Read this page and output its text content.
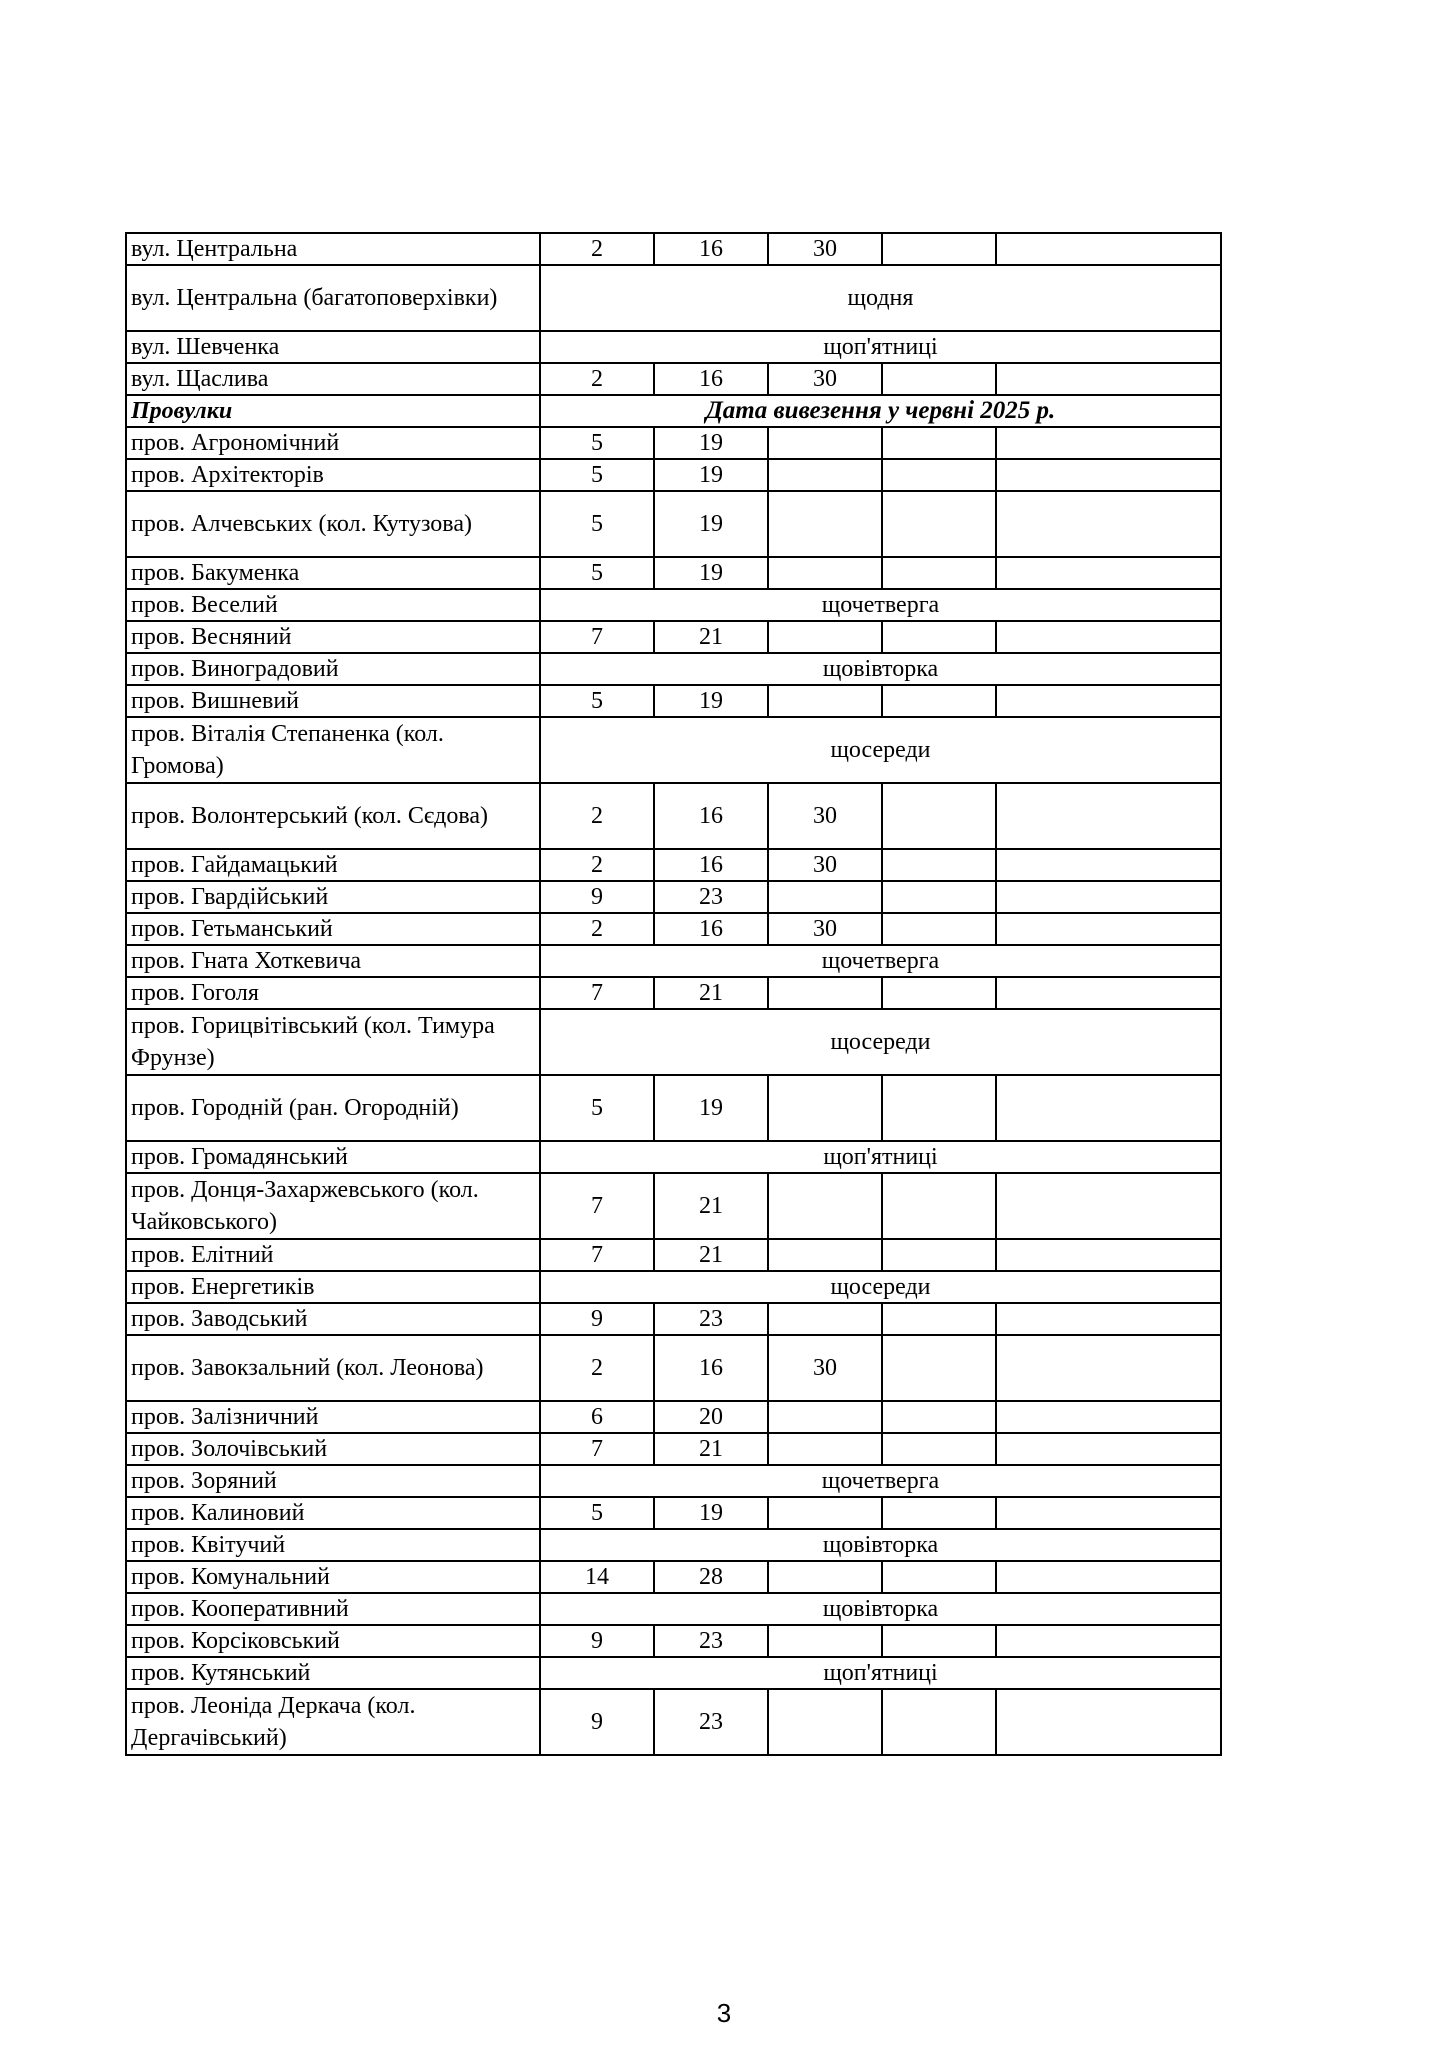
вул. Центральна	2	16	30		
вул. Центральна (багатоповерхівки)	щодня				
вул. Шевченка	щоп'ятниці				
вул. Щаслива	2	16	30		
Провулки	Дата вивезення у червні 2025 р.				
пров. Агрономічний	5	19			
пров. Архітекторів	5	19			
пров. Алчевських (кол. Кутузова)	5	19			
пров. Бакуменка	5	19			
пров. Веселий	щочетверга				
пров. Весняний	7	21			
пров. Виноградовий	щовівторка				
пров. Вишневий	5	19			
пров. Віталія Степаненка (кол. Громова)	щосереди				
пров. Волонтерський (кол. Сєдова)	2	16	30		
пров. Гайдамацький	2	16	30		
пров. Гвардійський	9	23			
пров. Гетьманський	2	16	30		
пров. Гната Хоткевича	щочетверга				
пров. Гоголя	7	21			
пров. Горицвітівський (кол. Тимура Фрунзе)	щосереди				
пров. Городній (ран. Огородній)	5	19			
пров. Громадянський	щоп'ятниці				
пров. Донця-Захаржевського (кол. Чайковського)	7	21			
пров. Елітний	7	21			
пров. Енергетиків	щосереди				
пров. Заводський	9	23			
пров. Завокзальний (кол. Леонова)	2	16	30		
пров. Залізничний	6	20			
пров. Золочівський	7	21			
пров. Зоряний	щочетверга				
пров. Калиновий	5	19			
пров. Квітучий	щовівторка				
пров. Комунальний	14	28			
пров. Кооперативний	щовівторка				
пров. Корсіковський	9	23			
пров. Кутянський	щоп'ятниці				
пров. Леоніда Деркача (кол. Дергачівський)	9	23			
3
